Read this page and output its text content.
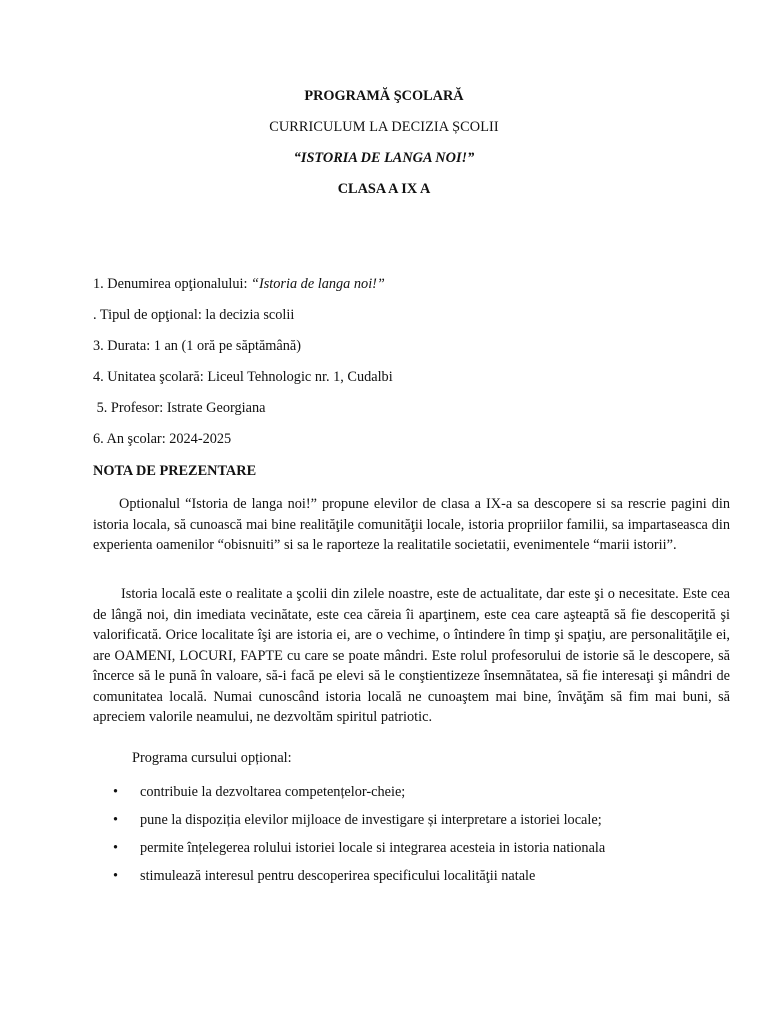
PROGRAMĂ ŞCOLARĂ
CURRICULUM LA DECIZIA ȘCOLII
“ISTORIA DE LANGA NOI!”
CLASA A IX A
1. Denumirea opţionalului: “Istoria de langa noi!”
. Tipul de opţional: la decizia scolii
3. Durata: 1 an (1 oră pe săptămână)
4. Unitatea şcolară: Liceul Tehnologic nr. 1, Cudalbi
5. Profesor: Istrate Georgiana
6. An şcolar: 2024-2025
NOTA DE PREZENTARE
Optionalul “Istoria de langa noi!” propune elevilor de clasa a IX-a sa descopere si sa rescrie pagini din istoria locala, să cunoască mai bine realităţile comunităţii locale, istoria propriilor familii, sa impartaseasca din experienta oamenilor “obisnuiti” si sa le raporteze la realitatile societatii, evenimentele “marii istorii”.
Istoria locală este o realitate a şcolii din zilele noastre, este de actualitate, dar este şi o necesitate. Este cea de lângă noi, din imediata vecinătate, este cea căreia îi aparţinem, este cea care aşteaptă să fie descoperită şi valorificată. Orice localitate îşi are istoria ei, are o vechime, o întindere în timp şi spaţiu, are personalităţile ei, are OAMENI, LOCURI, FAPTE cu care se poate mândri. Este rolul profesorului de istorie să le descopere, să încerce să le pună în valoare, să-i facă pe elevi să le conştientizeze însemnătatea, să fie interesaţi şi mândri de comunitatea locală. Numai cunoscând istoria locală ne cunoaştem mai bine, învăţăm să fim mai buni, să apreciem valorile neamului, ne dezvoltăm spiritul patriotic.
Programa cursului opțional:
• contribuie la dezvoltarea competențelor-cheie;
• pune la dispoziția elevilor mijloace de investigare și interpretare a istoriei locale;
• permite înțelegerea rolului istoriei locale si integrarea acesteia in istoria nationala
• stimulează interesul pentru descoperirea specificului localităţii natale
